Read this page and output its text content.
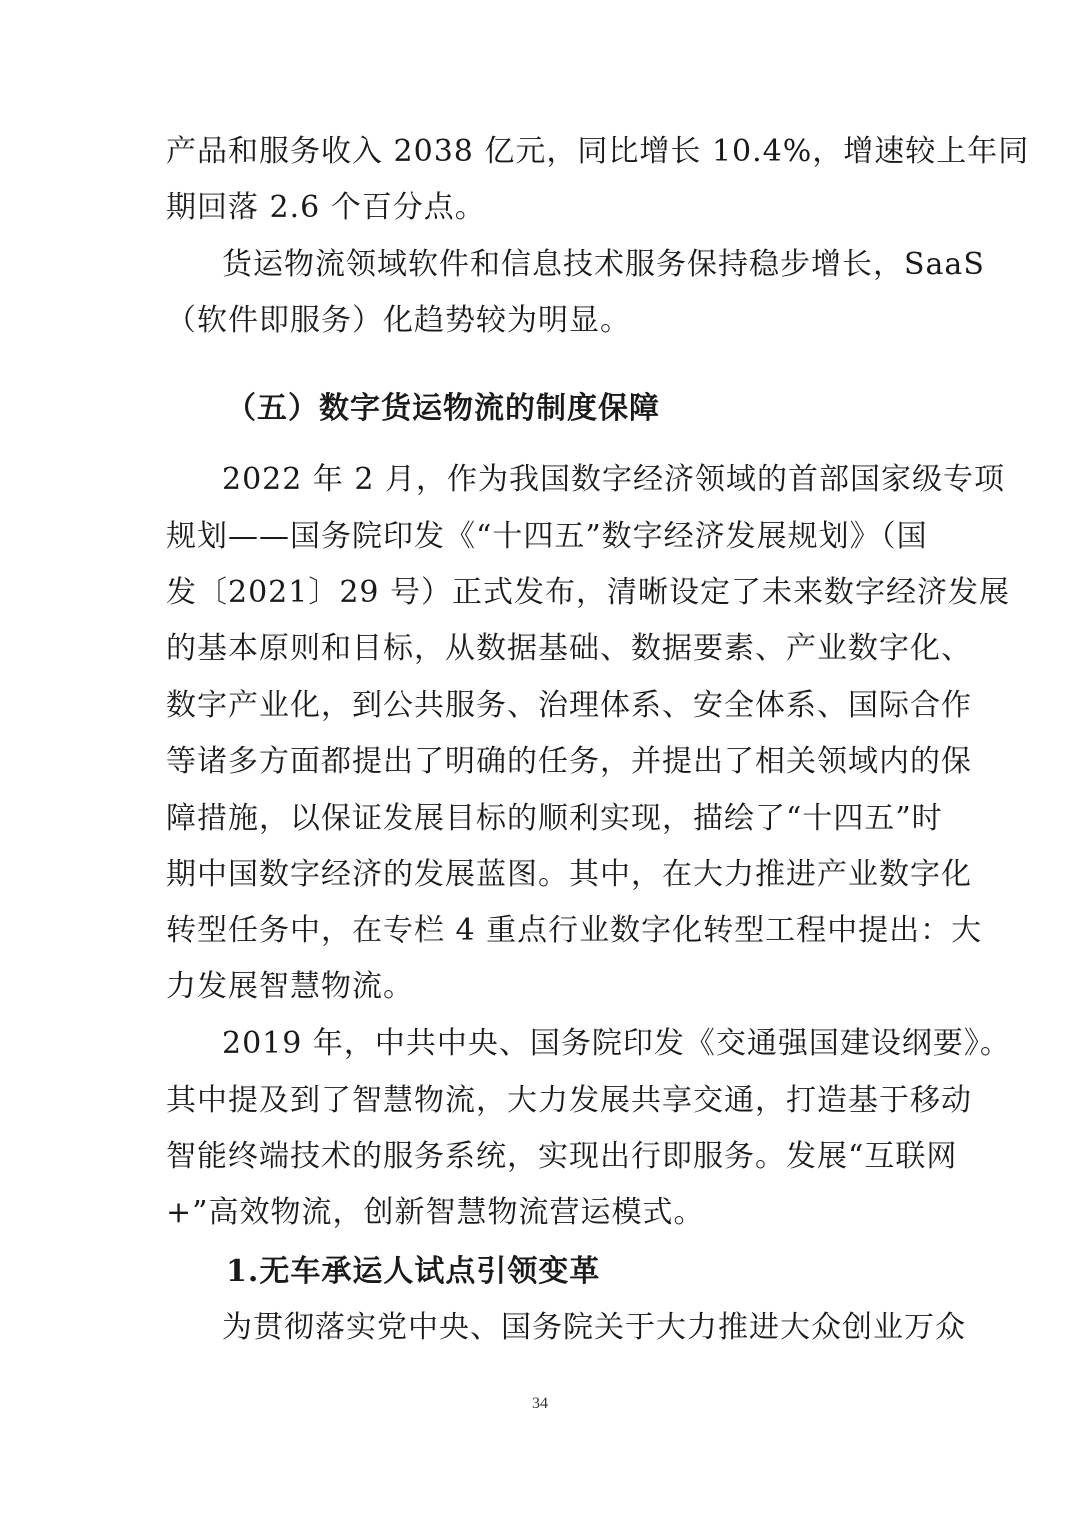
产品和服务收入 2038 亿元，同比增长 10.4%，增速较上年同
期回落 2.6 个百分点。
货运物流领域软件和信息技术服务保持稳步增长，SaaS
（软件即服务）化趋势较为明显。
（五）数字货运物流的制度保障
2022 年 2 月，作为我国数字经济领域的首部国家级专项
规划——国务院印发《“十四五”数字经济发展规划》（国
发〔2021〕29 号）正式发布，清晰设定了未来数字经济发展
的基本原则和目标，从数据基础、数据要素、产业数字化、
数字产业化，到公共服务、治理体系、安全体系、国际合作
等诸多方面都提出了明确的任务，并提出了相关领域内的保
障措施，以保证发展目标的顺利实现，描绘了“十四五”时
期中国数字经济的发展蓝图。其中，在大力推进产业数字化
转型任务中，在专栏 4 重点行业数字化转型工程中提出：大
力发展智慧物流。
2019 年，中共中央、国务院印发《交通强国建设纲要》。
其中提及到了智慧物流，大力发展共享交通，打造基于移动
智能终端技术的服务系统，实现出行即服务。发展“互联网
+”高效物流，创新智慧物流营运模式。
1.无车承运人试点引领变革
为贯彻落实党中央、国务院关于大力推进大众创业万众
34
